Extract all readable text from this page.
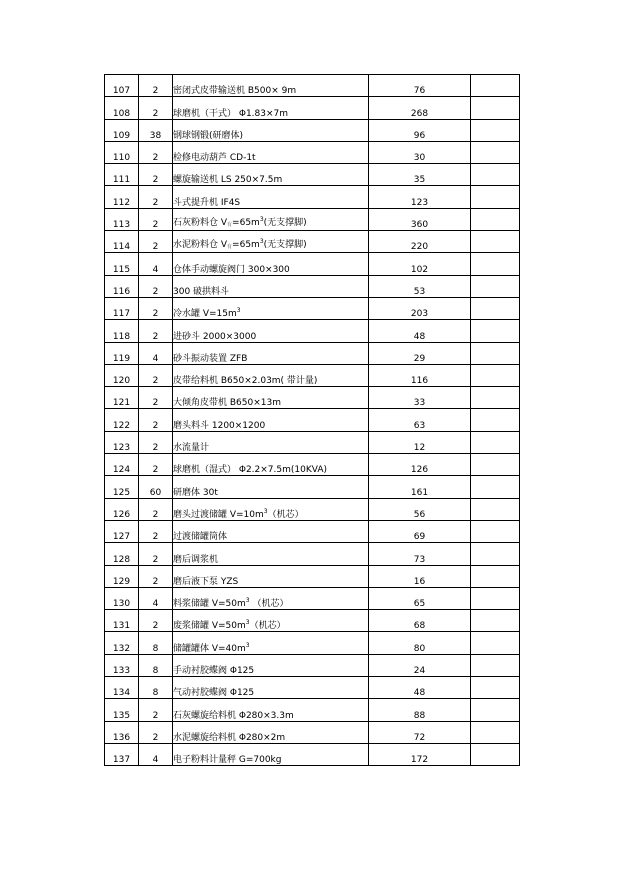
107	2	密闭式皮带输送机 B500× 9m	76	
108	2	球磨机（干式） Φ1.83×7m	268	
109	38	钢球钢锻(研磨体)	96	
110	2	检修电动葫芦 CD-1t	30	
111	2	螺旋输送机 LS 250×7.5m	35	
112	2	斗式提升机 IF4S	123	
113	2	石灰粉料仓 V有$=65m^3$(无支撑脚)	360	
114	2	水泥粉料仓 V有$=65m^3$(无支撑脚)	220	
115	4	仓体手动螺旋阀门 300×300	102	
116	2	300 破拱料斗	53	
117	2	冷水罐 $V=15m^3$	203	
118	2	进砂斗 2000×3000	48	
119	4	砂斗振动装置 ZFB	29	
120	2	皮带给料机 B650×2.03m( 带计量)	116	
121	2	大倾角皮带机 B650×13m	33	
122	2	磨头料斗 1200×1200	63	
123	2	水流量计	12	
124	2	球磨机（湿式） Φ2.2×7.5m(10KVA)	126	
125	60	研磨体 30t	161	
126	2	磨头过渡储罐 $V=10m^3$（机芯）	56	
127	2	过渡储罐筒体	69	
128	2	磨后调浆机	73	
129	2	磨后液下泵 YZS	16	
130	4	料浆储罐 $V=50m^3$ （机芯）	65	
131	2	废浆储罐 $V=50m^3$（机芯）	68	
132	8	储罐罐体 $V=40m^3$	80	
133	8	手动衬胶蝶阀 Φ125	24	
134	8	气动衬胶蝶阀 Φ125	48	
135	2	石灰螺旋给料机 Φ280×3.3m	88	
136	2	水泥螺旋给料机 Φ280×2m	72	
137	4	电子粉料计量秤 G=700kg	172	
